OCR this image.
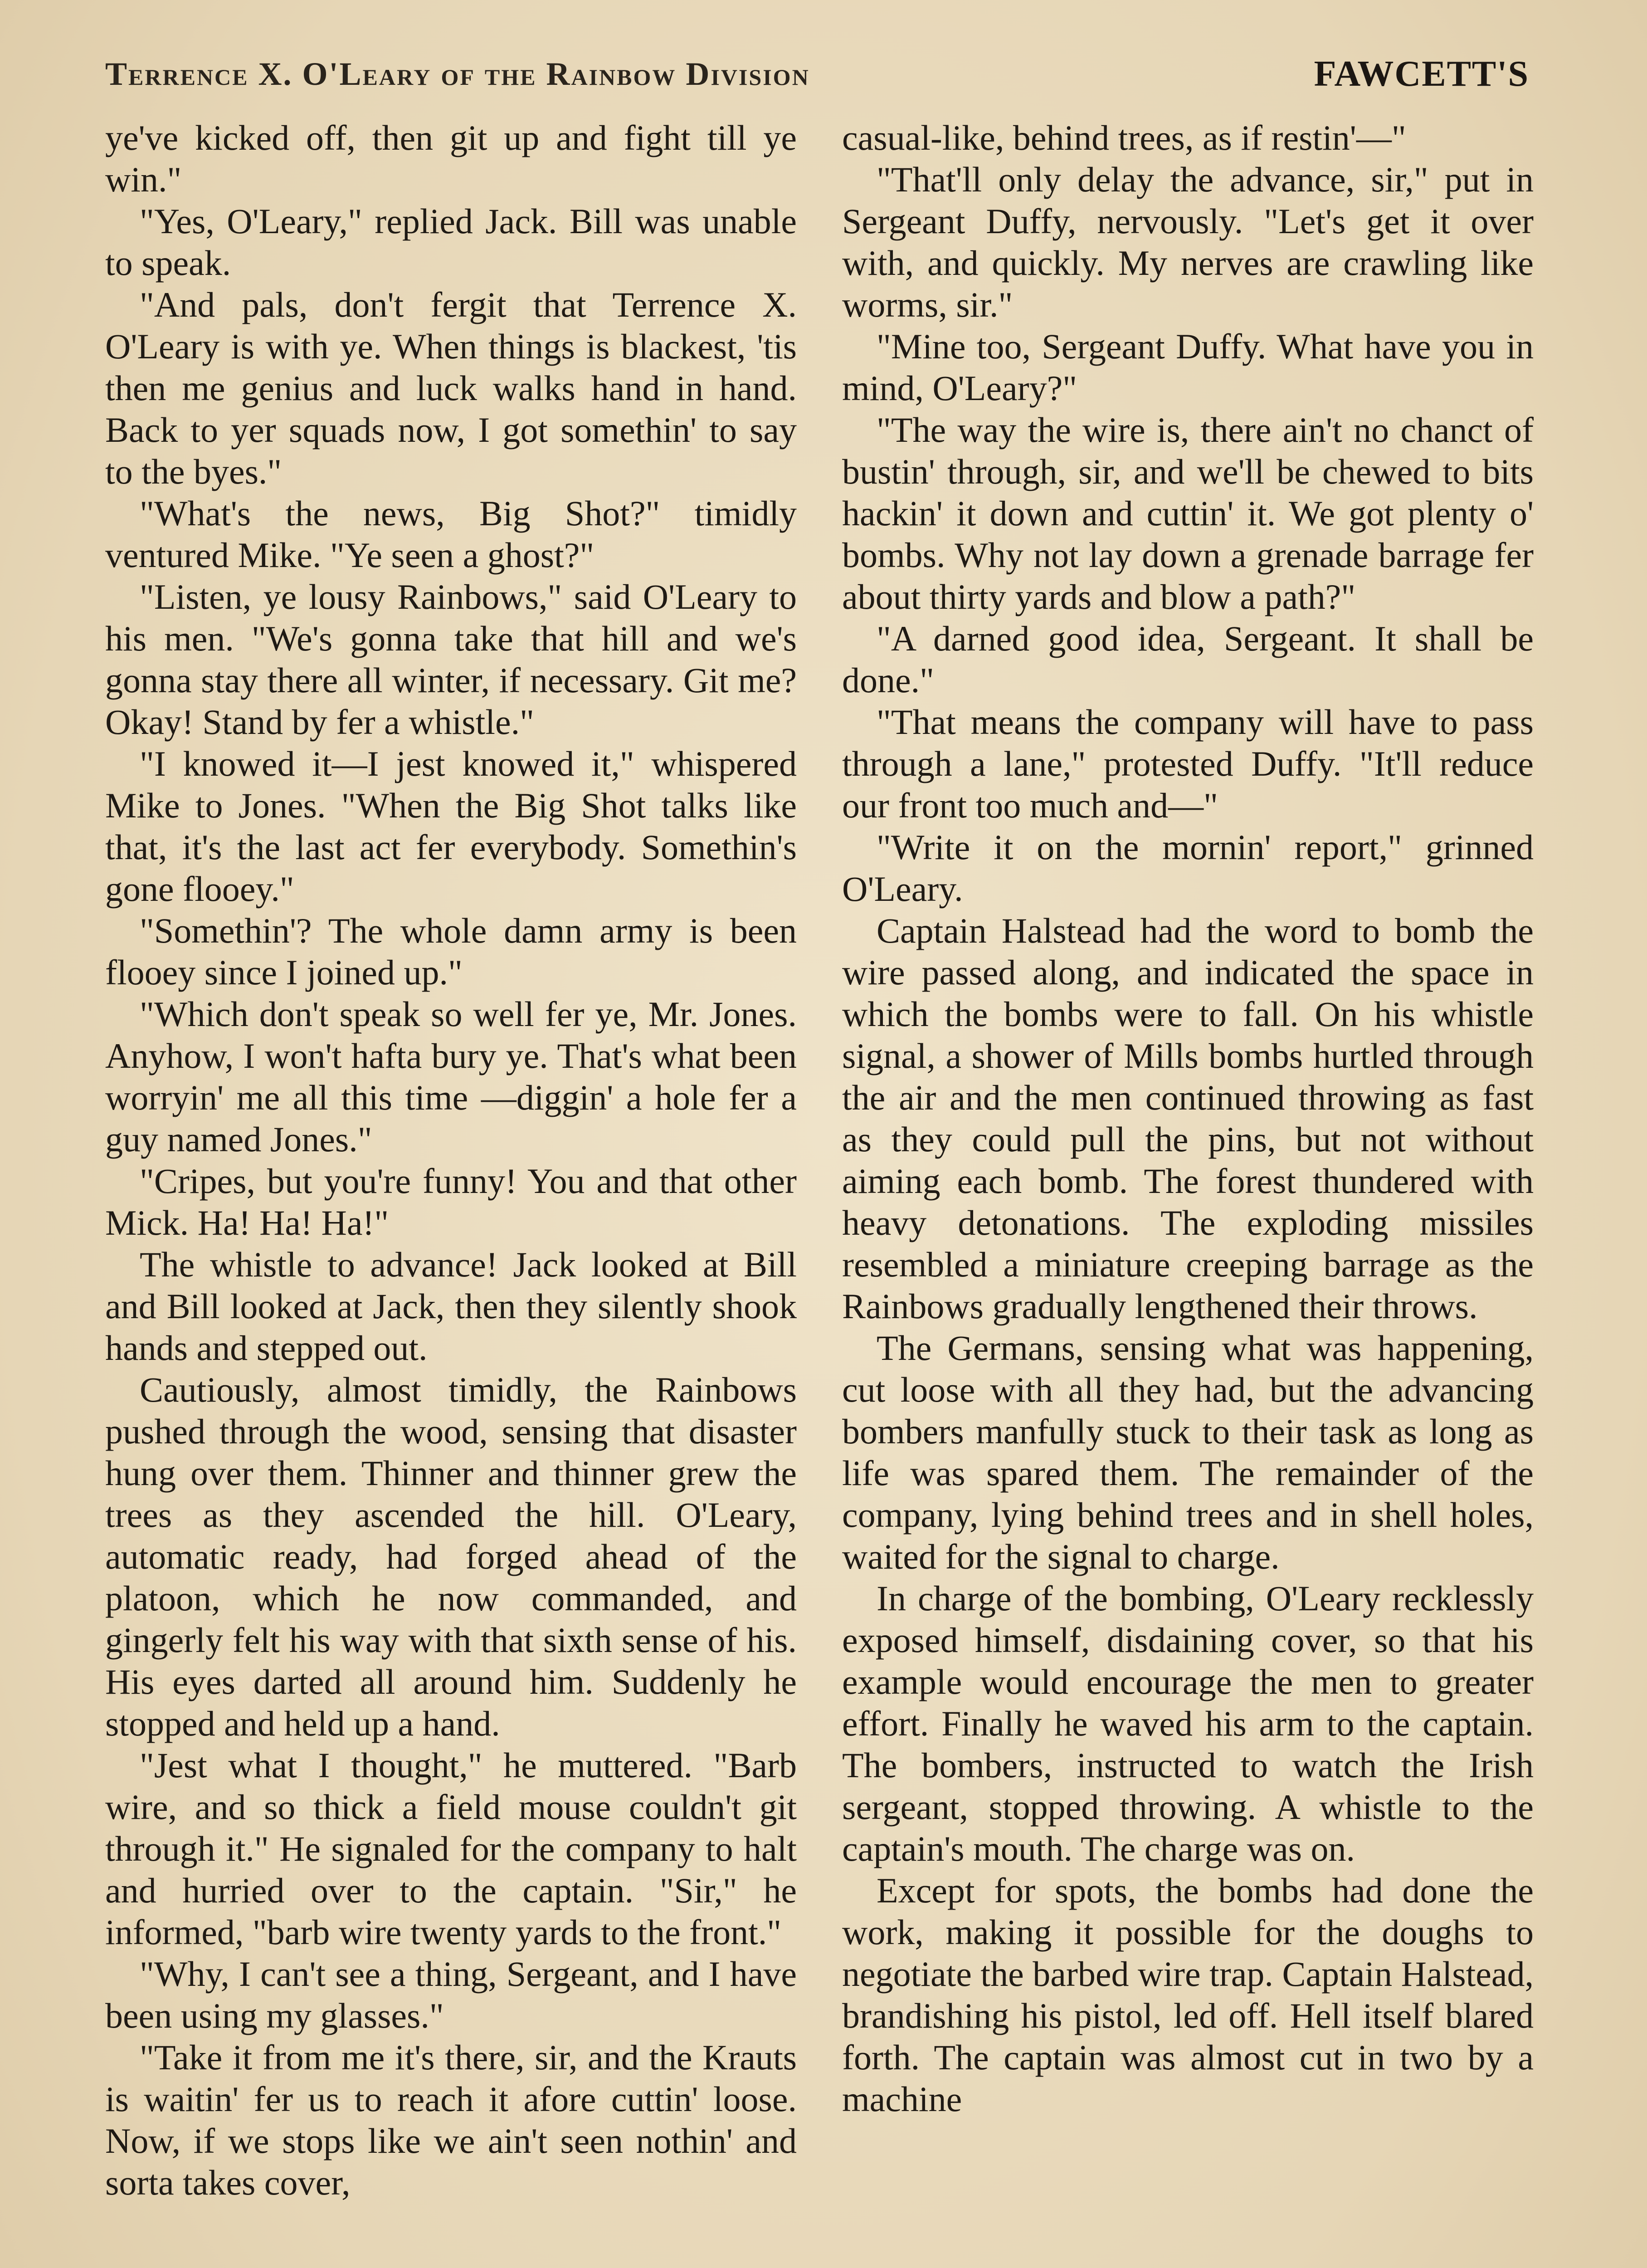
Terrence X. O'Leary of the Rainbow Division	FAWCETT'S

ye've kicked off, then git up and fight till ye win."

"Yes, O'Leary," replied Jack. Bill was unable to speak.

"And pals, don't fergit that Terrence X. O'Leary is with ye. When things is blackest, 'tis then me genius and luck walks hand in hand. Back to yer squads now, I got somethin' to say to the byes."

"What's the news, Big Shot?" timidly ventured Mike. "Ye seen a ghost?"

"Listen, ye lousy Rainbows," said O'Leary to his men. "We's gonna take that hill and we's gonna stay there all winter, if necessary. Git me? Okay! Stand by fer a whistle."

"I knowed it—I jest knowed it," whispered Mike to Jones. "When the Big Shot talks like that, it's the last act fer everybody. Somethin's gone flooey."

"Somethin'? The whole damn army is been flooey since I joined up."

"Which don't speak so well fer ye, Mr. Jones. Anyhow, I won't hafta bury ye. That's what been worryin' me all this time —diggin' a hole fer a guy named Jones."

"Cripes, but you're funny! You and that other Mick. Ha! Ha! Ha!"

The whistle to advance! Jack looked at Bill and Bill looked at Jack, then they silently shook hands and stepped out.

Cautiously, almost timidly, the Rainbows pushed through the wood, sensing that disaster hung over them. Thinner and thinner grew the trees as they ascended the hill. O'Leary, automatic ready, had forged ahead of the platoon, which he now commanded, and gingerly felt his way with that sixth sense of his. His eyes darted all around him. Suddenly he stopped and held up a hand.

"Jest what I thought," he muttered. "Barb wire, and so thick a field mouse couldn't git through it." He signaled for the company to halt and hurried over to the captain. "Sir," he informed, "barb wire twenty yards to the front."

"Why, I can't see a thing, Sergeant, and I have been using my glasses."

"Take it from me it's there, sir, and the Krauts is waitin' fer us to reach it afore cuttin' loose. Now, if we stops like we ain't seen nothin' and sorta takes cover,

casual-like, behind trees, as if restin'—"

"That'll only delay the advance, sir," put in Sergeant Duffy, nervously. "Let's get it over with, and quickly. My nerves are crawling like worms, sir."

"Mine too, Sergeant Duffy. What have you in mind, O'Leary?"

"The way the wire is, there ain't no chanct of bustin' through, sir, and we'll be chewed to bits hackin' it down and cuttin' it. We got plenty o' bombs. Why not lay down a grenade barrage fer about thirty yards and blow a path?"

"A darned good idea, Sergeant. It shall be done."

"That means the company will have to pass through a lane," protested Duffy. "It'll reduce our front too much and—"

"Write it on the mornin' report," grinned O'Leary.

Captain Halstead had the word to bomb the wire passed along, and indicated the space in which the bombs were to fall. On his whistle signal, a shower of Mills bombs hurtled through the air and the men continued throwing as fast as they could pull the pins, but not without aiming each bomb. The forest thundered with heavy detonations. The exploding missiles resembled a miniature creeping barrage as the Rainbows gradually lengthened their throws.

The Germans, sensing what was happening, cut loose with all they had, but the advancing bombers manfully stuck to their task as long as life was spared them. The remainder of the company, lying behind trees and in shell holes, waited for the signal to charge.

In charge of the bombing, O'Leary recklessly exposed himself, disdaining cover, so that his example would encourage the men to greater effort. Finally he waved his arm to the captain. The bombers, instructed to watch the Irish sergeant, stopped throwing. A whistle to the captain's mouth. The charge was on.

Except for spots, the bombs had done the work, making it possible for the doughs to negotiate the barbed wire trap. Captain Halstead, brandishing his pistol, led off. Hell itself blared forth. The captain was almost cut in two by a machine
